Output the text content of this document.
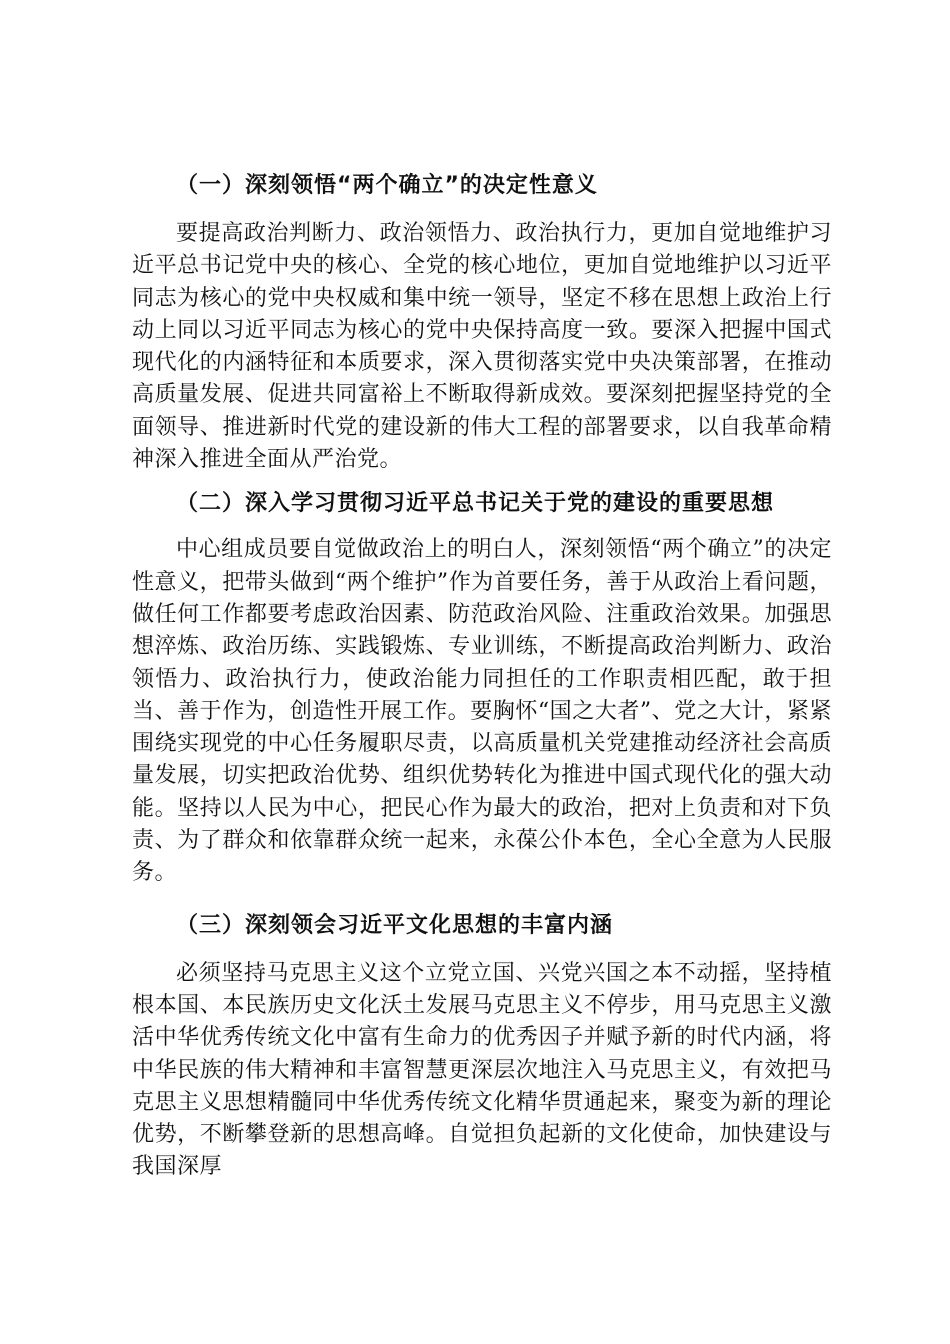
（一）深刻领悟“两个确立”的决定性意义

要提高政治判断力、政治领悟力、政治执行力，更加自觉地维护习近平总书记党中央的核心、全党的核心地位，更加自觉地维护以习近平同志为核心的党中央权威和集中统一领导，坚定不移在思想上政治上行动上同以习近平同志为核心的党中央保持高度一致。要深入把握中国式现代化的内涵特征和本质要求，深入贯彻落实党中央决策部署，在推动高质量发展、促进共同富裕上不断取得新成效。要深刻把握坚持党的全面领导、推进新时代党的建设新的伟大工程的部署要求，以自我革命精神深入推进全面从严治党。

（二）深入学习贯彻习近平总书记关于党的建设的重要思想

中心组成员要自觉做政治上的明白人，深刻领悟“两个确立”的决定性意义，把带头做到“两个维护”作为首要任务，善于从政治上看问题，做任何工作都要考虑政治因素、防范政治风险、注重政治效果。加强思想淬炼、政治历练、实践锻炼、专业训练，不断提高政治判断力、政治领悟力、政治执行力，使政治能力同担任的工作职责相匹配，敢于担当、善于作为，创造性开展工作。要胸怀“国之大者”、党之大计，紧紧围绕实现党的中心任务履职尽责，以高质量机关党建推动经济社会高质量发展，切实把政治优势、组织优势转化为推进中国式现代化的强大动能。坚持以人民为中心，把民心作为最大的政治，把对上负责和对下负责、为了群众和依靠群众统一起来，永葆公仆本色，全心全意为人民服务。

（三）深刻领会习近平文化思想的丰富内涵

必须坚持马克思主义这个立党立国、兴党兴国之本不动摇，坚持植根本国、本民族历史文化沃土发展马克思主义不停步，用马克思主义激活中华优秀传统文化中富有生命力的优秀因子并赋予新的时代内涵，将中华民族的伟大精神和丰富智慧更深层次地注入马克思主义，有效把马克思主义思想精髓同中华优秀传统文化精华贯通起来，聚变为新的理论优势，不断攀登新的思想高峰。自觉担负起新的文化使命，加快建设与我国深厚
